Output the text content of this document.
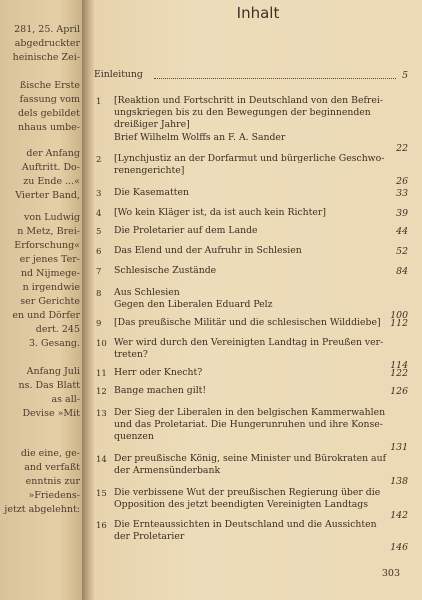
281, 25. April
abgedruckter
heinische Zei-
ßische Erste
fassung vom
dels gebildet
nhaus umbe-
der Anfang
Auftritt. Do-
zu Ende ...«
Vierter Band,
von Ludwig
n Metz, Brei-
Erforschung«
er jenes Ter-
nd Nijmege-
n irgendwie
ser Gerichte
en und Dörfer
dert. 245
3. Gesang.
Anfang Juli
ns. Das Blatt
as all-
Devise »Mit
die eine, ge-
and verfaßt
enntnis zur
»Friedens-
jetzt abgelehnt:
Inhalt
303
Einleitung	5
1 [Reaktion und Fortschritt in Deutschland von den Befrei-
ungskriegen bis zu den Bewegungen der beginnenden
dreißiger Jahre]
Brief Wilhelm Wolffs an F. A. Sander
22
2 [Lynchjustiz an der Dorfarmut und bürgerliche Geschwo-
renengerichte]
26
3 Die Kasematten	33
4 [Wo kein Kläger ist, da ist auch kein Richter]	39
5 Die Proletarier auf dem Lande	44
6 Das Elend und der Aufruhr in Schlesien	52
7 Schlesische Zustände	84
8 Aus Schlesien
Gegen den Liberalen Eduard Pelz
100
9 [Das preußische Militär und die schlesischen Wilddiebe] 112
10 Wer wird durch den Vereinigten Landtag in Preußen ver-
treten?
114
11 Herr oder Knecht?	122
12 Bange machen gilt!	126
13 Der Sieg der Liberalen in den belgischen Kammerwahlen
und das Proletariat. Die Hungerunruhen und ihre Konse-
quenzen
131
14 Der preußische König, seine Minister und Bürokraten auf
der Armensünderbank
138
15 Die verbissene Wut der preußischen Regierung über die
Opposition des jetzt beendigten Vereinigten Landtags
142
16 Die Ernteaussichten in Deutschland und die Aussichten
der Proletarier
146
